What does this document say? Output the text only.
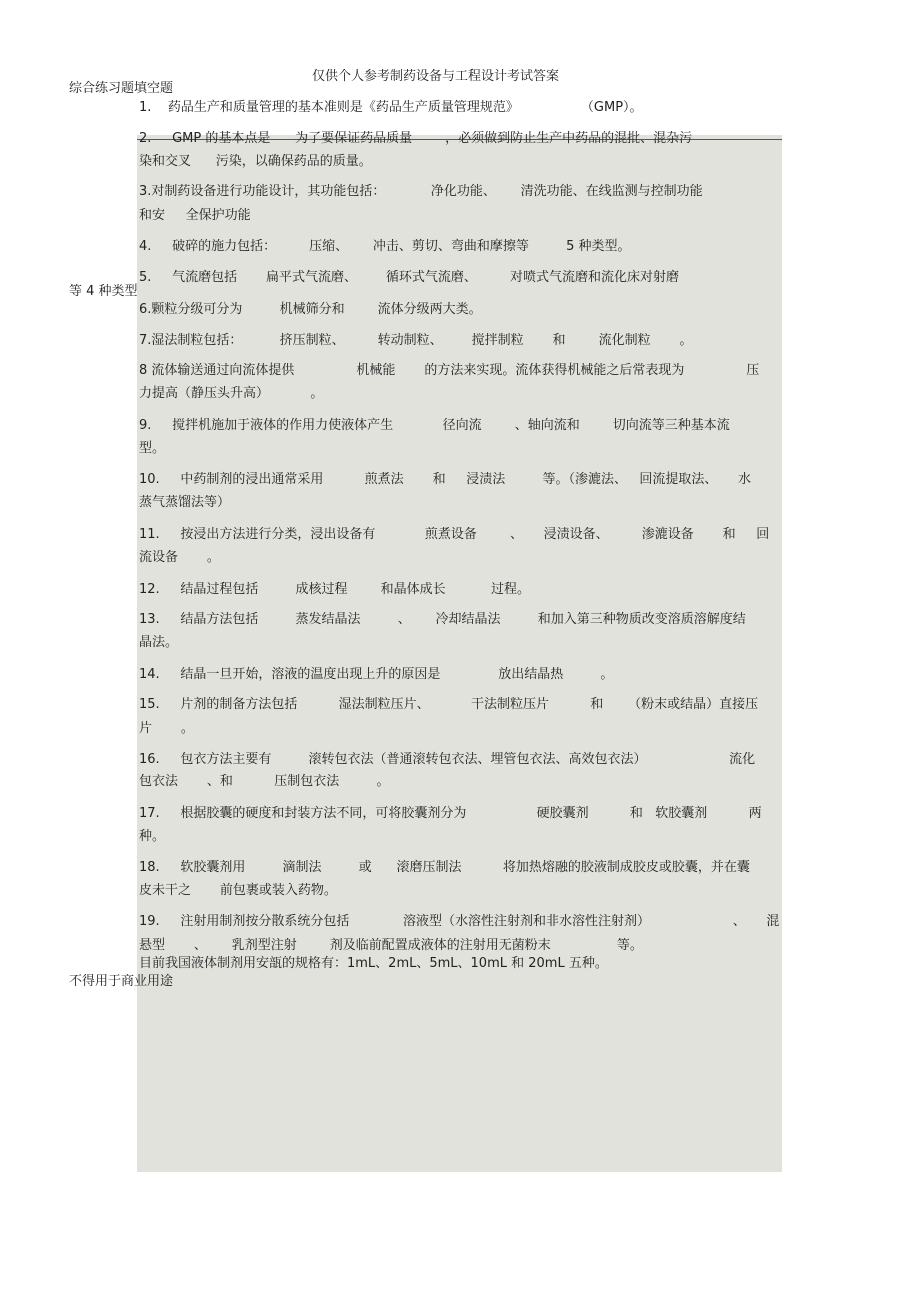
仅供个人参考制药设备与工程设计考试答案
综合练习题填空题
等 4 种类型
不得用于商业用途
1.    药品生产和质量管理的基本准则是《药品生产质量管理规范》               （GMP）。
2.     GMP 的基本点是      为了要保证药品质量        ，必须做到防止生产中药品的混批、混杂污
染和交叉      污染，以确保药品的质量。
3.对制药设备进行功能设计，其功能包括：           净化功能、      清洗功能、在线监测与控制功能
和安     全保护功能
4.     破碎的施力包括：        压缩、      冲击、剪切、弯曲和摩擦等         5 种类型。
5.     气流磨包括       扁平式气流磨、       循环式气流磨、        对喷式气流磨和流化床对射磨
6.颗粒分级可分为         机械筛分和        流体分级两大类。
7.湿法制粒包括：         挤压制粒、        转动制粒、       搅拌制粒       和        流化制粒       。
8 流体输送通过向流体提供               机械能       的方法来实现。流体获得机械能之后常表现为               压
力提高（静压头升高）          。
9.     搅拌机施加于液体的作用力使液体产生            径向流        、轴向流和        切向流等三种基本流
型。
10.     中药制剂的浸出通常采用          煎煮法       和     浸渍法         等。（渗漉法、   回流提取法、     水
蒸气蒸馏法等）
11.     按浸出方法进行分类，浸出设备有            煎煮设备        、     浸渍设备、        渗漉设备       和     回
流设备       。
12.     结晶过程包括         成核过程        和晶体成长           过程。
13.     结晶方法包括         蒸发结晶法         、      冷却结晶法         和加入第三种物质改变溶质溶解度结
晶法。
14.     结晶一旦开始，溶液的温度出现上升的原因是              放出结晶热         。
15.     片剂的制备方法包括          湿法制粒压片、          干法制粒压片          和      （粉末或结晶）直接压
片       。
16.     包衣方法主要有         滚转包衣法（普通滚转包衣法、埋管包衣法、高效包衣法）                    流化
包衣法       、和          压制包衣法         。
17.     根据胶囊的硬度和封装方法不同，可将胶囊剂分为                 硬胶囊剂          和   软胶囊剂          两
种。
18.     软胶囊剂用         滴制法         或      滚磨压制法          将加热熔融的胶液制成胶皮或胶囊，并在囊
皮未干之       前包裹或装入药物。
19.     注射用制剂按分散系统分包括             溶液型（水溶性注射剂和非水溶性注射剂）                    、     混
悬型       、      乳剂型注射        剂及临前配置成液体的注射用无菌粉末                等。
目前我国液体制剂用安瓿的规格有：1mL、2mL、5mL、10mL 和 20mL 五种。
